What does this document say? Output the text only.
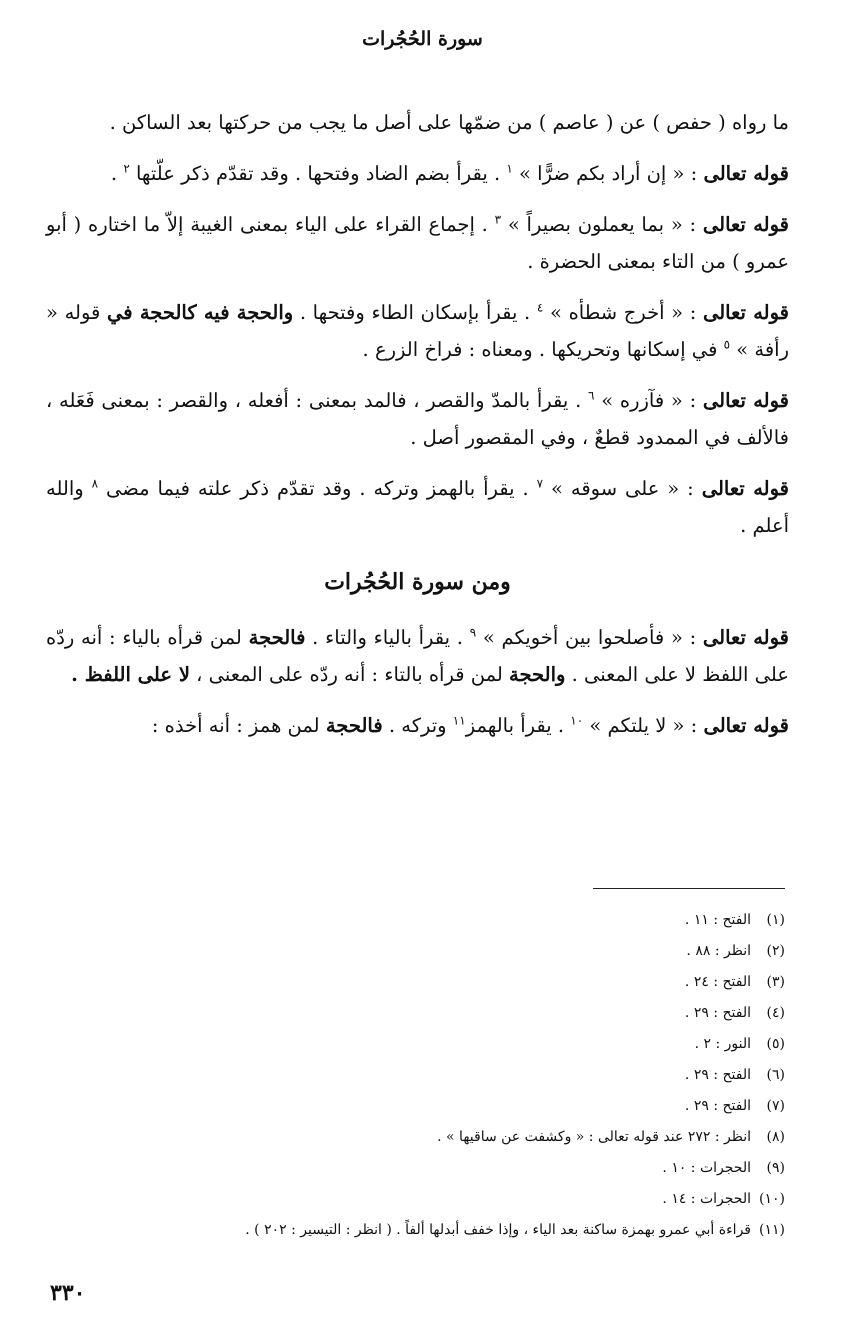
سورة الحُجُرات

ما رواه ( حفص ) عن ( عاصم ) من ضمّها على أصل ما يجب من حركتها بعد الساكن .

قوله تعالى : « إن أراد بكم ضرًّا » $^١$ . يقرأ بضم الضاد وفتحها . وقد تقدّم ذكر علّتها $^٢$ .

قوله تعالى : « بما يعملون بصيراً » $^٣$ . إجماع القراء على الياء بمعنى الغيبة إلاّ ما اختاره ( أبو عمرو ) من التاء بمعنى الحضرة .

قوله تعالى : « أخرج شطأه » $^٤$ . يقرأ بإسكان الطاء وفتحها . والحجة فيه كالحجة في قوله « رأفة » $^٥$ في إسكانها وتحريكها . ومعناه : فراخ الزرع .

قوله تعالى : « فآزره » $^٦$ . يقرأ بالمدّ والقصر ، فالمد بمعنى : أفعله ، والقصر : بمعنى فَعَله ، فالألف في الممدود قطعٌ ، وفي المقصور أصل .

قوله تعالى : « على سوقه » $^٧$ . يقرأ بالهمز وتركه . وقد تقدّم ذكر علته فيما مضى $^٨$ والله أعلم .

ومن سورة الحُجُرات

قوله تعالى : « فأصلحوا بين أخويكم » $^٩$ . يقرأ بالياء والتاء . فالحجة لمن قرأه بالياء : أنه ردّه على اللفظ لا على المعنى . والحجة لمن قرأه بالتاء : أنه ردّه على المعنى ، لا على اللفظ .

قوله تعالى : « لا يلتكم » $^{١٠}$ . يقرأ بالهمز$^{١١}$ وتركه . فالحجة لمن همز : أنه أخذه :

(١)الفتح : ١١ .
(٢)انظر : ٨٨ .
(٣)الفتح : ٢٤ .
(٤)الفتح : ٢٩ .
(٥)النور : ٢ .
(٦)الفتح : ٢٩ .
(٧)الفتح : ٢٩ .
(٨)انظر : ٢٧٢ عند قوله تعالى : « وكشفت عن ساقيها » .
(٩)الحجرات : ١٠ .
(١٠)الحجرات : ١٤ .
(١١)قراءة أبي عمرو بهمزة ساكنة بعد الياء ، وإذا خفف أبدلها ألفاً . ( انظر : التيسير : ٢٠٢ ) .
٣٣٠
